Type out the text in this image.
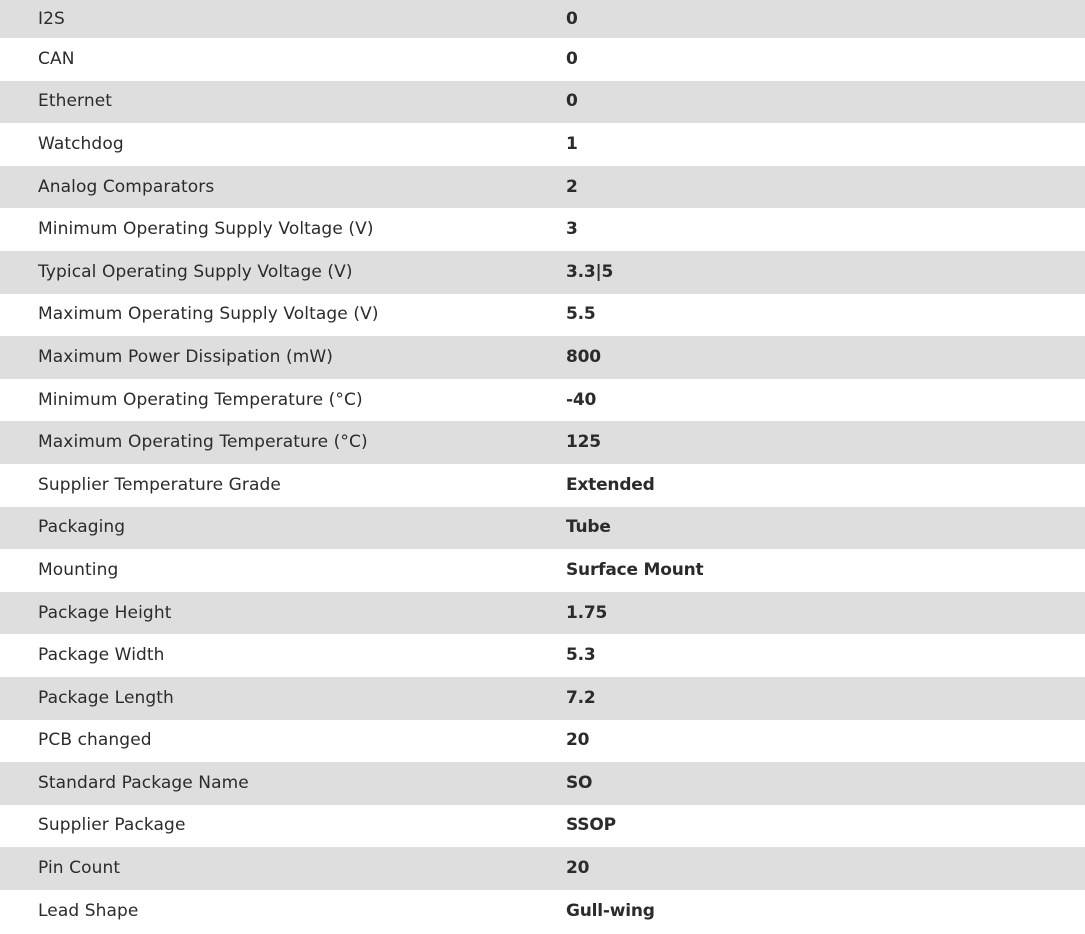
I2S	0
CAN	0
Ethernet	0
Watchdog	1
Analog Comparators	2
Minimum Operating Supply Voltage (V)	3
Typical Operating Supply Voltage (V)	3.3|5
Maximum Operating Supply Voltage (V)	5.5
Maximum Power Dissipation (mW)	800
Minimum Operating Temperature (°C)	-40
Maximum Operating Temperature (°C)	125
Supplier Temperature Grade	Extended
Packaging	Tube
Mounting	Surface Mount
Package Height	1.75
Package Width	5.3
Package Length	7.2
PCB changed	20
Standard Package Name	SO
Supplier Package	SSOP
Pin Count	20
Lead Shape	Gull-wing
